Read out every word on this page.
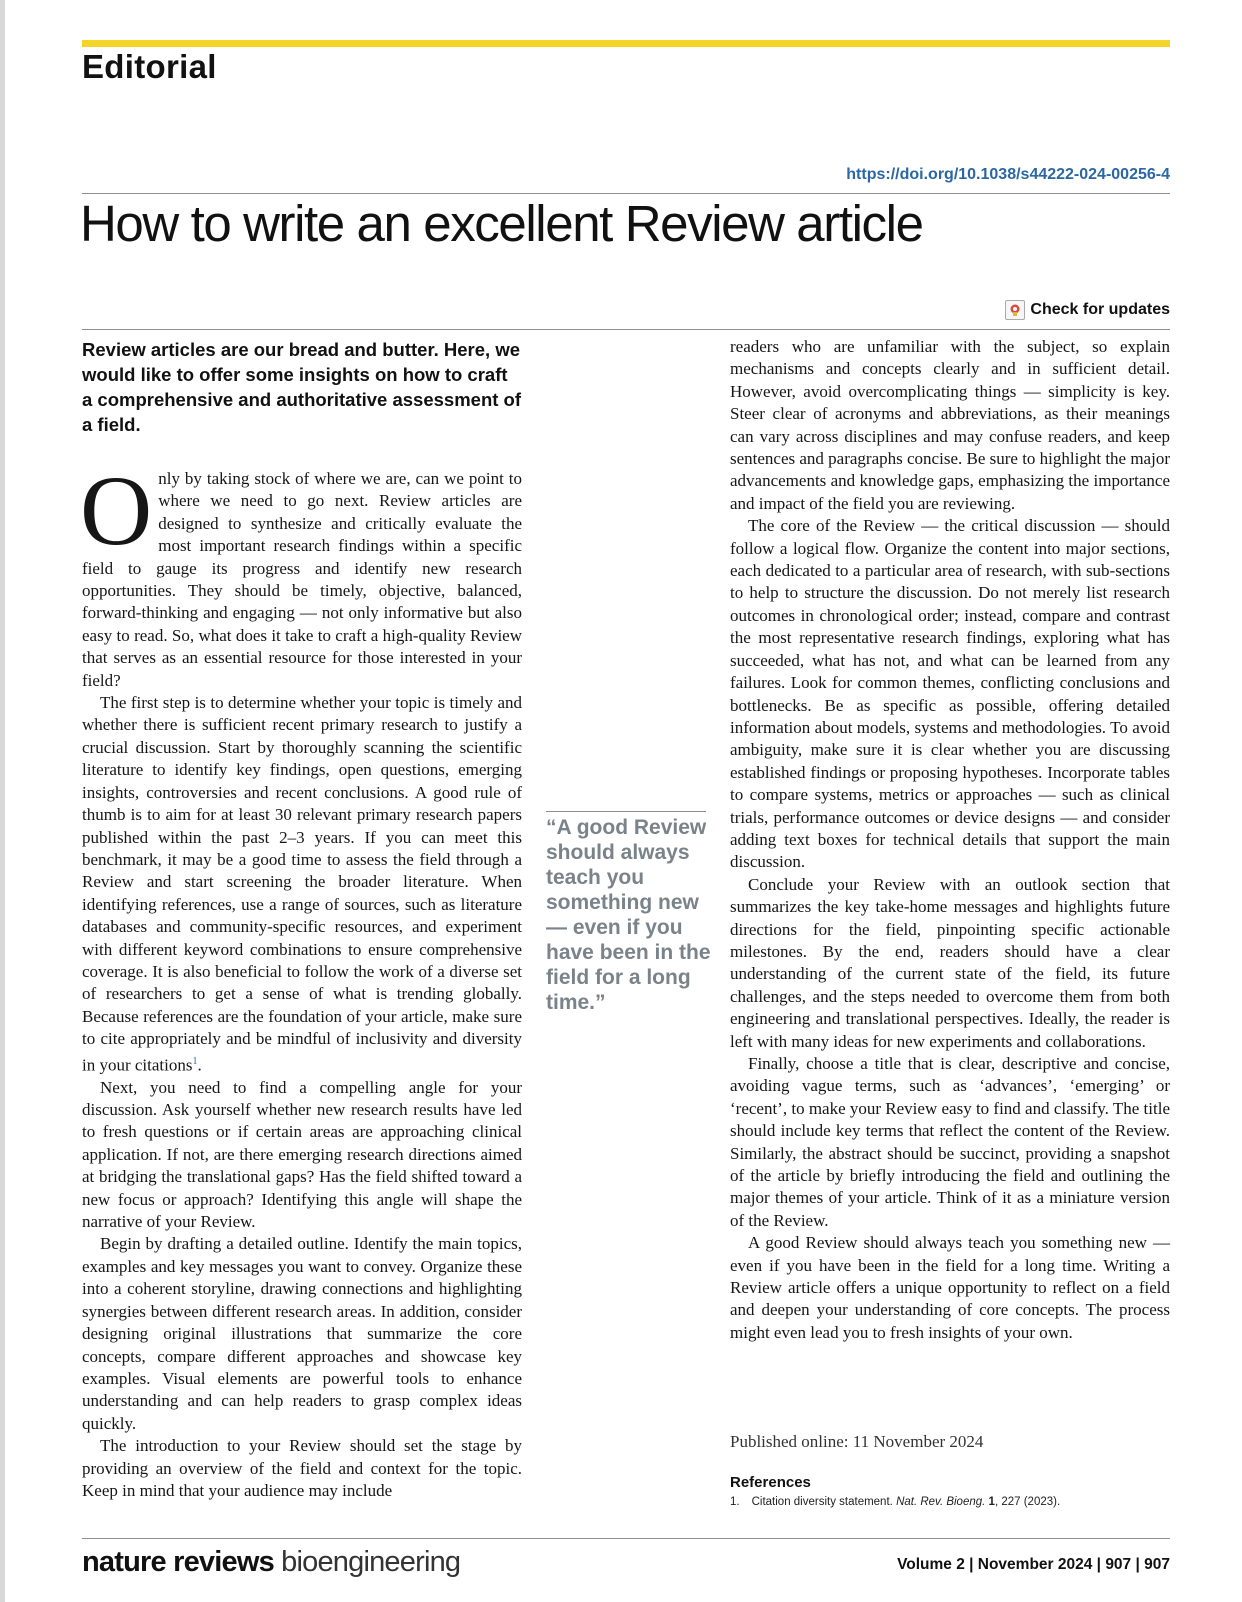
Editorial
https://doi.org/10.1038/s44222-024-00256-4
How to write an excellent Review article
Check for updates
Review articles are our bread and butter. Here, we would like to offer some insights on how to craft a comprehensive and authoritative assessment of a field.

Only by taking stock of where we are, can we point to where we need to go next. Review articles are designed to synthesize and critically evaluate the most important research findings within a specific field to gauge its progress and identify new research opportunities. They should be timely, objective, balanced, forward-thinking and engaging — not only informative but also easy to read. So, what does it take to craft a high-quality Review that serves as an essential resource for those interested in your field?

The first step is to determine whether your topic is timely and whether there is sufficient recent primary research to justify a crucial discussion. Start by thoroughly scanning the scientific literature to identify key findings, open questions, emerging insights, controversies and recent conclusions. A good rule of thumb is to aim for at least 30 relevant primary research papers published within the past 2–3 years. If you can meet this benchmark, it may be a good time to assess the field through a Review and start screening the broader literature. When identifying references, use a range of sources, such as literature databases and community-specific resources, and experiment with different keyword combinations to ensure comprehensive coverage. It is also beneficial to follow the work of a diverse set of researchers to get a sense of what is trending globally. Because references are the foundation of your article, make sure to cite appropriately and be mindful of inclusivity and diversity in your citations$^1$.

Next, you need to find a compelling angle for your discussion. Ask yourself whether new research results have led to fresh questions or if certain areas are approaching clinical application. If not, are there emerging research directions aimed at bridging the translational gaps? Has the field shifted toward a new focus or approach? Identifying this angle will shape the narrative of your Review.

Begin by drafting a detailed outline. Identify the main topics, examples and key messages you want to convey. Organize these into a coherent storyline, drawing connections and highlighting synergies between different research areas. In addition, consider designing original illustrations that summarize the core concepts, compare different approaches and showcase key examples. Visual elements are powerful tools to enhance understanding and can help readers to grasp complex ideas quickly.

The introduction to your Review should set the stage by providing an overview of the field and context for the topic. Keep in mind that your audience may include

“A good Review should always teach you something new — even if you have been in the field for a long time.”

readers who are unfamiliar with the subject, so explain mechanisms and concepts clearly and in sufficient detail. However, avoid overcomplicating things — simplicity is key. Steer clear of acronyms and abbreviations, as their meanings can vary across disciplines and may confuse readers, and keep sentences and paragraphs concise. Be sure to highlight the major advancements and knowledge gaps, emphasizing the importance and impact of the field you are reviewing.

The core of the Review — the critical discussion — should follow a logical flow. Organize the content into major sections, each dedicated to a particular area of research, with sub-sections to help to structure the discussion. Do not merely list research outcomes in chronological order; instead, compare and contrast the most representative research findings, exploring what has succeeded, what has not, and what can be learned from any failures. Look for common themes, conflicting conclusions and bottlenecks. Be as specific as possible, offering detailed information about models, systems and methodologies. To avoid ambiguity, make sure it is clear whether you are discussing established findings or proposing hypotheses. Incorporate tables to compare systems, metrics or approaches — such as clinical trials, performance outcomes or device designs — and consider adding text boxes for technical details that support the main discussion.

Conclude your Review with an outlook section that summarizes the key take-home messages and highlights future directions for the field, pinpointing specific actionable milestones. By the end, readers should have a clear understanding of the current state of the field, its future challenges, and the steps needed to overcome them from both engineering and translational perspectives. Ideally, the reader is left with many ideas for new experiments and collaborations.

Finally, choose a title that is clear, descriptive and concise, avoiding vague terms, such as ‘advances’, ‘emerging’ or ‘recent’, to make your Review easy to find and classify. The title should include key terms that reflect the content of the Review. Similarly, the abstract should be succinct, providing a snapshot of the article by briefly introducing the field and outlining the major themes of your article. Think of it as a miniature version of the Review.

A good Review should always teach you something new — even if you have been in the field for a long time. Writing a Review article offers a unique opportunity to reflect on a field and deepen your understanding of core concepts. The process might even lead you to fresh insights of your own.

Published online: 11 November 2024
References
1. Citation diversity statement. Nat. Rev. Bioeng. 1, 227 (2023).
nature reviews bioengineering	Volume 2 | November 2024 | 907 | 907
